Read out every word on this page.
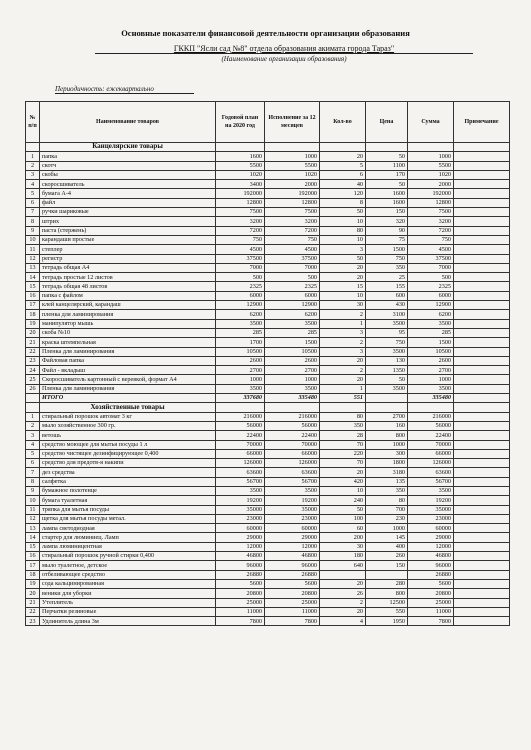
Основные показатели финансовой деятельности организации образования
ГККП "Ясли сад №8" отдела образования акимата города Тараз"
(Наименование организации образования)
Периодичность: ежеквартально
№ п/п	Наименование товаров	Годовой план на 2020 год	Исполнение за 12 месяцев	Кол-во	Цена	Сумма	Примечание
	Канцелярские товары						
1	папка	1600	1000	20	50	1000	
2	скотч	5500	5500	5	1100	5500	
3	скобы	1020	1020	6	170	1020	
4	скоросшиватель	3400	2000	40	50	2000	
5	бумага А-4	192000	192000	120	1600	192000	
6	файл	12800	12800	8	1600	12800	
7	ручки шариковые	7500	7500	50	150	7500	
8	штрих	3200	3200	10	320	3200	
9	паста (стержень)	7200	7200	80	90	7200	
10	карандаши простые	750	750	10	75	750	
11	степлер	4500	4500	3	1500	4500	
12	регистр	37500	37500	50	750	37500	
13	тетрадь общая А4	7000	7000	20	350	7000	
14	тетрадь простые 12 листов	500	500	20	25	500	
15	тетрадь общая 48 листов	2325	2325	15	155	2325	
16	папка с файлом	6000	6000	10	600	6000	
17	клей канцелярский, карандаш	12900	12900	30	430	12900	
18	пленка для ламинирования	6200	6200	2	3100	6200	
19	манипулятор мышь	3500	3500	1	3500	3500	
20	скоба №10	285	285	3	95	285	
21	краска штемпельная	1700	1500	2	750	1500	
22	Пленка для ламинирования	10500	10500	3	3500	10500	
23	Файловая папка	2600	2600	20	130	2600	
24	Файл - вкладыш	2700	2700	2	1350	2700	
25	Скоросшиватель картонный с веревкой, формат А4	1000	1000	20	50	1000	
26	Пленка для ламинирования	3500	3500	1	3500	3500	
	ИТОГО	337680	335480	551		335480	
	Хозяйственные товары						
1	стиральный порошок автомат 3 кг	216000	216000	80	2700	216000	
2	мыло хозяйственное 300 гр.	56000	56000	350	160	56000	
3	ветошь	22400	22400	28	800	22400	
4	средство моющее для мытья посуды 1 л	70000	70000	70	1000	70000	
5	средство чистящее дезинфицирующее 0,400	66000	66000	220	300	66000	
6	средство для предотв-я накипи	126000	126000	70	1800	126000	
7	дез средства	63600	63600	20	3180	63600	
8	салфетка	56700	56700	420	135	56700	
9	бумажное полотенце	3500	3500	10	350	3500	
10	бумага туалетная	19200	19200	240	80	19200	
11	тряпка для мытья посуды	35000	35000	50	700	35000	
12	щетка для мытья посуды метал.	23000	23000	100	230	23000	
13	лампа светодиодная	60000	60000	60	1000	60000	
14	стартер для люминиец. Ламп	29000	29000	200	145	29000	
15	лампа люминицентная	12000	12000	30	400	12000	
16	стиральный порошок ручной стирки 0,400	46800	46800	180	260	46800	
17	мыло туалетное, детское	96000	96000	640	150	96000	
18	отбеливающее средство	26880	26880			26880	
19	сода кальцинированная	5600	5600	20	280	5600	
20	веники для уборки	20800	20800	26	800	20800	
21	Утеплитель	25000	25000	2	12500	25000	
22	Перчатки резиновые	11000	11000	20	550	11000	
23	Удлинитель длина 3м	7800	7800	4	1950	7800	
